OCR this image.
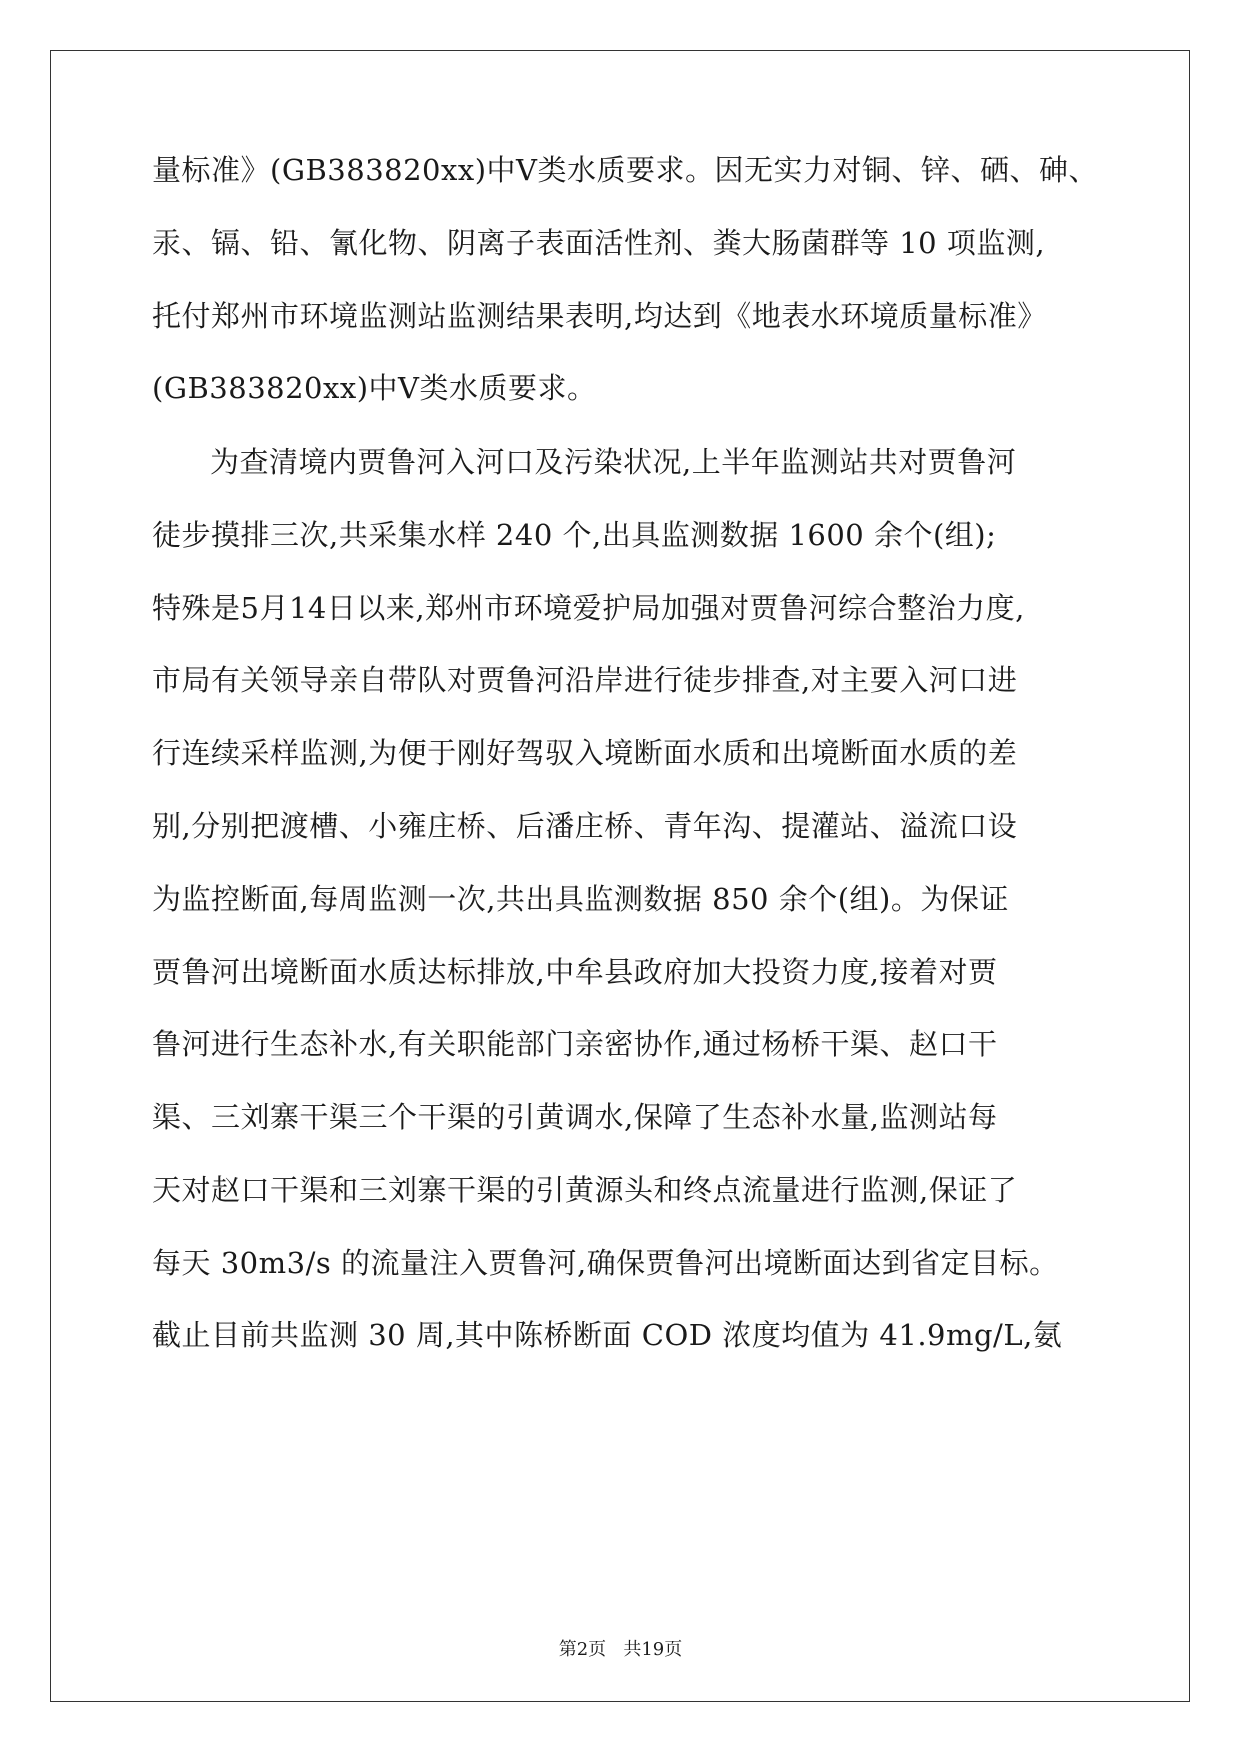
量标准》(GB383820xx)中Ⅴ类水质要求。因无实力对铜、锌、硒、砷、
汞、镉、铅、氰化物、阴离子表面活性剂、粪大肠菌群等 10 项监测,
托付郑州市环境监测站监测结果表明,均达到《地表水环境质量标准》
(GB383820xx)中Ⅴ类水质要求。
为查清境内贾鲁河入河口及污染状况,上半年监测站共对贾鲁河
徒步摸排三次,共采集水样 240 个,出具监测数据 1600 余个(组);
特殊是5月14日以来,郑州市环境爱护局加强对贾鲁河综合整治力度,
市局有关领导亲自带队对贾鲁河沿岸进行徒步排查,对主要入河口进
行连续采样监测,为便于刚好驾驭入境断面水质和出境断面水质的差
别,分别把渡槽、小雍庄桥、后潘庄桥、青年沟、提灌站、溢流口设
为监控断面,每周监测一次,共出具监测数据 850 余个(组)。为保证
贾鲁河出境断面水质达标排放,中牟县政府加大投资力度,接着对贾
鲁河进行生态补水,有关职能部门亲密协作,通过杨桥干渠、赵口干
渠、三刘寨干渠三个干渠的引黄调水,保障了生态补水量,监测站每
天对赵口干渠和三刘寨干渠的引黄源头和终点流量进行监测,保证了
每天 30m3/s 的流量注入贾鲁河,确保贾鲁河出境断面达到省定目标。
截止目前共监测 30 周,其中陈桥断面 COD 浓度均值为 41.9mg/L,氨
第2页 共19页
